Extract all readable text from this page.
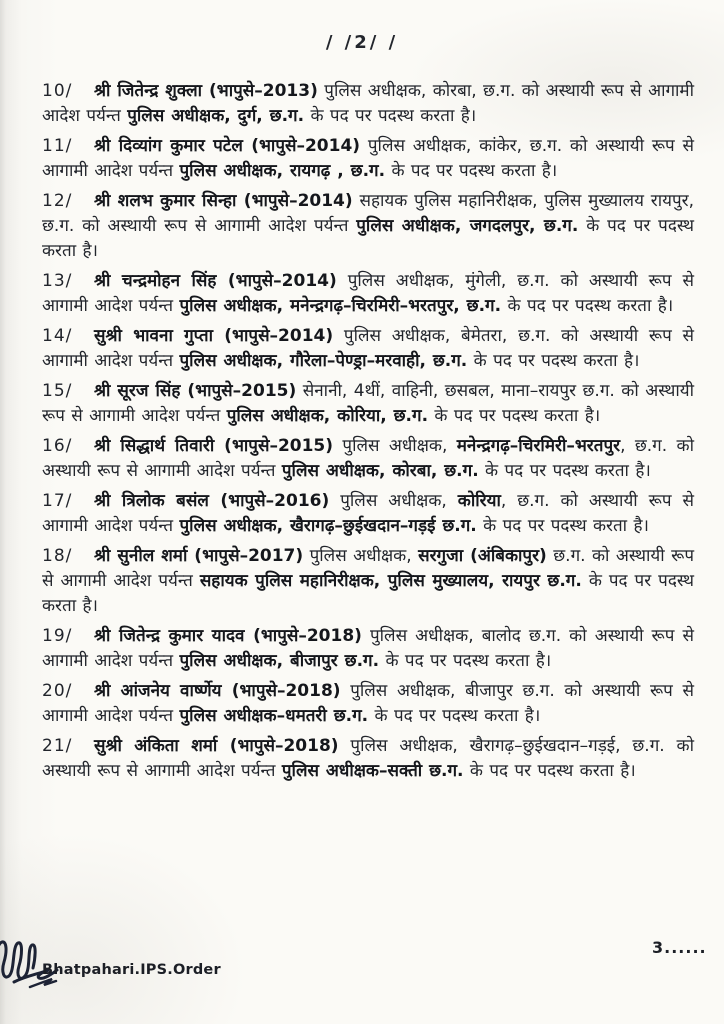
/ /2/ /

10/ श्री जितेन्द्र शुक्ला (भापुसे–2013) पुलिस अधीक्षक, कोरबा, छ.ग. को अस्थायी रूप से आगामी आदेश पर्यन्त पुलिस अधीक्षक, दुर्ग, छ.ग. के पद पर पदस्थ करता है।

11/ श्री दिव्यांग कुमार पटेल (भापुसे–2014) पुलिस अधीक्षक, कांकेर, छ.ग. को अस्थायी रूप से आगामी आदेश पर्यन्त पुलिस अधीक्षक, रायगढ़ , छ.ग. के पद पर पदस्थ करता है।

12/ श्री शलभ कुमार सिन्हा (भापुसे–2014) सहायक पुलिस महानिरीक्षक, पुलिस मुख्यालय रायपुर, छ.ग. को अस्थायी रूप से आगामी आदेश पर्यन्त पुलिस अधीक्षक, जगदलपुर, छ.ग. के पद पर पदस्थ करता है।

13/ श्री चन्द्रमोहन सिंह (भापुसे–2014) पुलिस अधीक्षक, मुंगेली, छ.ग. को अस्थायी रूप से आगामी आदेश पर्यन्त पुलिस अधीक्षक, मनेन्द्रगढ़–चिरमिरी–भरतपुर, छ.ग. के पद पर पदस्थ करता है।

14/ सुश्री भावना गुप्ता (भापुसे–2014) पुलिस अधीक्षक, बेमेतरा, छ.ग. को अस्थायी रूप से आगामी आदेश पर्यन्त पुलिस अधीक्षक, गौरेला–पेण्ड्रा–मरवाही, छ.ग. के पद पर पदस्थ करता है।

15/ श्री सूरज सिंह (भापुसे–2015) सेनानी, 4थीं, वाहिनी, छसबल, माना–रायपुर छ.ग. को अस्थायी रूप से आगामी आदेश पर्यन्त पुलिस अधीक्षक, कोरिया, छ.ग. के पद पर पदस्थ करता है।

16/ श्री सिद्धार्थ तिवारी (भापुसे–2015) पुलिस अधीक्षक, मनेन्द्रगढ़–चिरमिरी–भरतपुर, छ.ग. को अस्थायी रूप से आगामी आदेश पर्यन्त पुलिस अधीक्षक, कोरबा, छ.ग. के पद पर पदस्थ करता है।

17/ श्री त्रिलोक बसंल (भापुसे–2016) पुलिस अधीक्षक, कोरिया, छ.ग. को अस्थायी रूप से आगामी आदेश पर्यन्त पुलिस अधीक्षक, खैरागढ़–छुईखदान–गड़ई छ.ग. के पद पर पदस्थ करता है।

18/ श्री सुनील शर्मा (भापुसे–2017) पुलिस अधीक्षक, सरगुजा (अंबिकापुर) छ.ग. को अस्थायी रूप से आगामी आदेश पर्यन्त सहायक पुलिस महानिरीक्षक, पुलिस मुख्यालय, रायपुर छ.ग. के पद पर पदस्थ करता है।

19/ श्री जितेन्द्र कुमार यादव (भापुसे–2018) पुलिस अधीक्षक, बालोद छ.ग. को अस्थायी रूप से आगामी आदेश पर्यन्त पुलिस अधीक्षक, बीजापुर छ.ग. के पद पर पदस्थ करता है।

20/ श्री आंजनेय वार्ष्णेय (भापुसे–2018) पुलिस अधीक्षक, बीजापुर छ.ग. को अस्थायी रूप से आगामी आदेश पर्यन्त पुलिस अधीक्षक–धमतरी छ.ग. के पद पर पदस्थ करता है।

21/ सुश्री अंकिता शर्मा (भापुसे–2018) पुलिस अधीक्षक, खैरागढ़–छुईखदान–गड़ई, छ.ग. को अस्थायी रूप से आगामी आदेश पर्यन्त पुलिस अधीक्षक–सक्ती छ.ग. के पद पर पदस्थ करता है।

Bhatpahari.IPS.Order
3......
